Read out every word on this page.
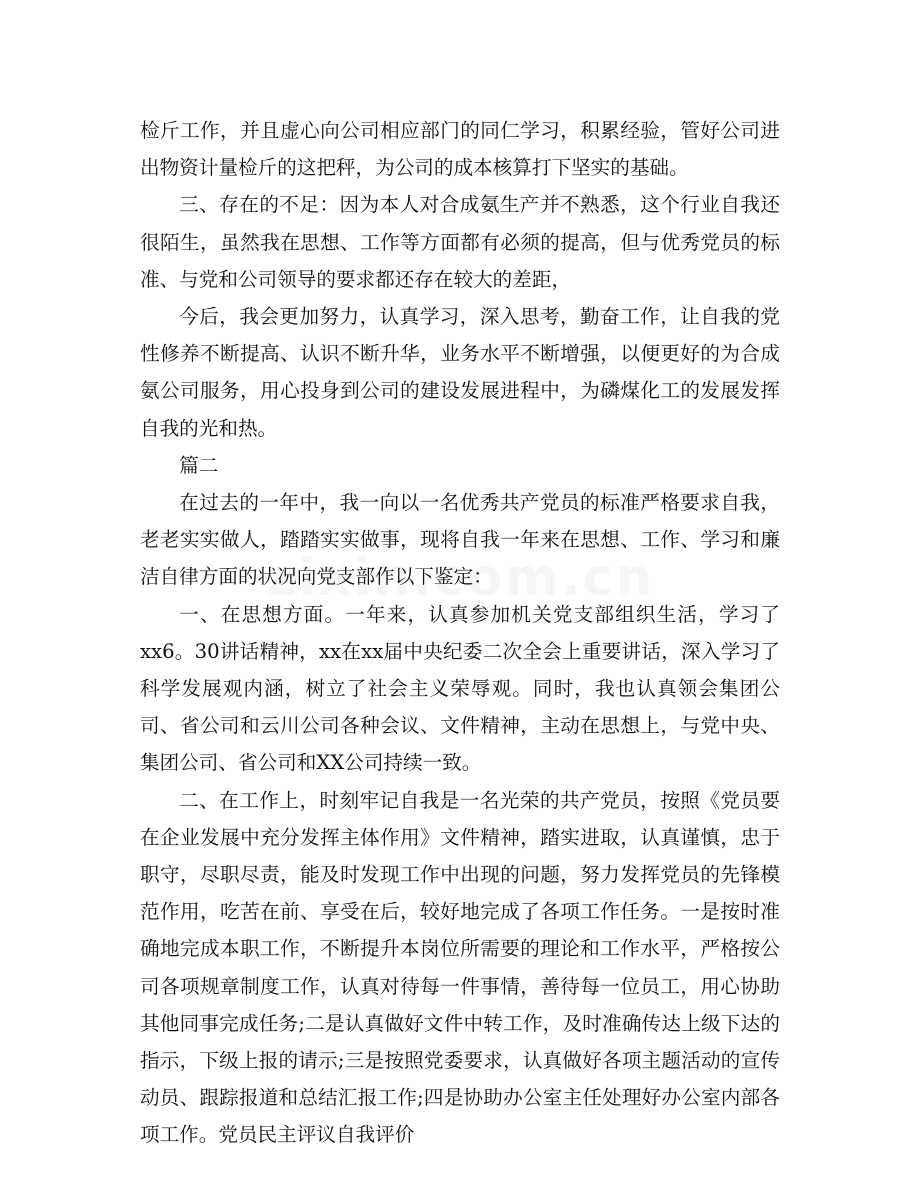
检斤工作，并且虚心向公司相应部门的同仁学习，积累经验，管好公司进出物资计量检斤的这把秤，为公司的成本核算打下坚实的基础。

三、存在的不足：因为本人对合成氨生产并不熟悉，这个行业自我还很陌生，虽然我在思想、工作等方面都有必须的提高，但与优秀党员的标准、与党和公司领导的要求都还存在较大的差距，

今后，我会更加努力，认真学习，深入思考，勤奋工作，让自我的党性修养不断提高、认识不断升华，业务水平不断增强，以便更好的为合成氨公司服务，用心投身到公司的建设发展进程中，为磷煤化工的发展发挥自我的光和热。

篇二

在过去的一年中，我一向以一名优秀共产党员的标准严格要求自我，老老实实做人，踏踏实实做事，现将自我一年来在思想、工作、学习和廉洁自律方面的状况向党支部作以下鉴定：

一、在思想方面。一年来，认真参加机关党支部组织生活，学习了xx6。30讲话精神，xx在xx届中央纪委二次全会上重要讲话，深入学习了科学发展观内涵，树立了社会主义荣辱观。同时，我也认真领会集团公司、省公司和云川公司各种会议、文件精神，主动在思想上，与党中央、集团公司、省公司和XX公司持续一致。

二、在工作上，时刻牢记自我是一名光荣的共产党员，按照《党员要在企业发展中充分发挥主体作用》文件精神，踏实进取，认真谨慎，忠于职守，尽职尽责，能及时发现工作中出现的问题，努力发挥党员的先锋模范作用，吃苦在前、享受在后，较好地完成了各项工作任务。一是按时准确地完成本职工作，不断提升本岗位所需要的理论和工作水平，严格按公司各项规章制度工作，认真对待每一件事情，善待每一位员工，用心协助其他同事完成任务;二是认真做好文件中转工作，及时准确传达上级下达的指示，下级上报的请示;三是按照党委要求，认真做好各项主题活动的宣传动员、跟踪报道和总结汇报工作;四是协助办公室主任处理好办公室内部各项工作。党员民主评议自我评价
